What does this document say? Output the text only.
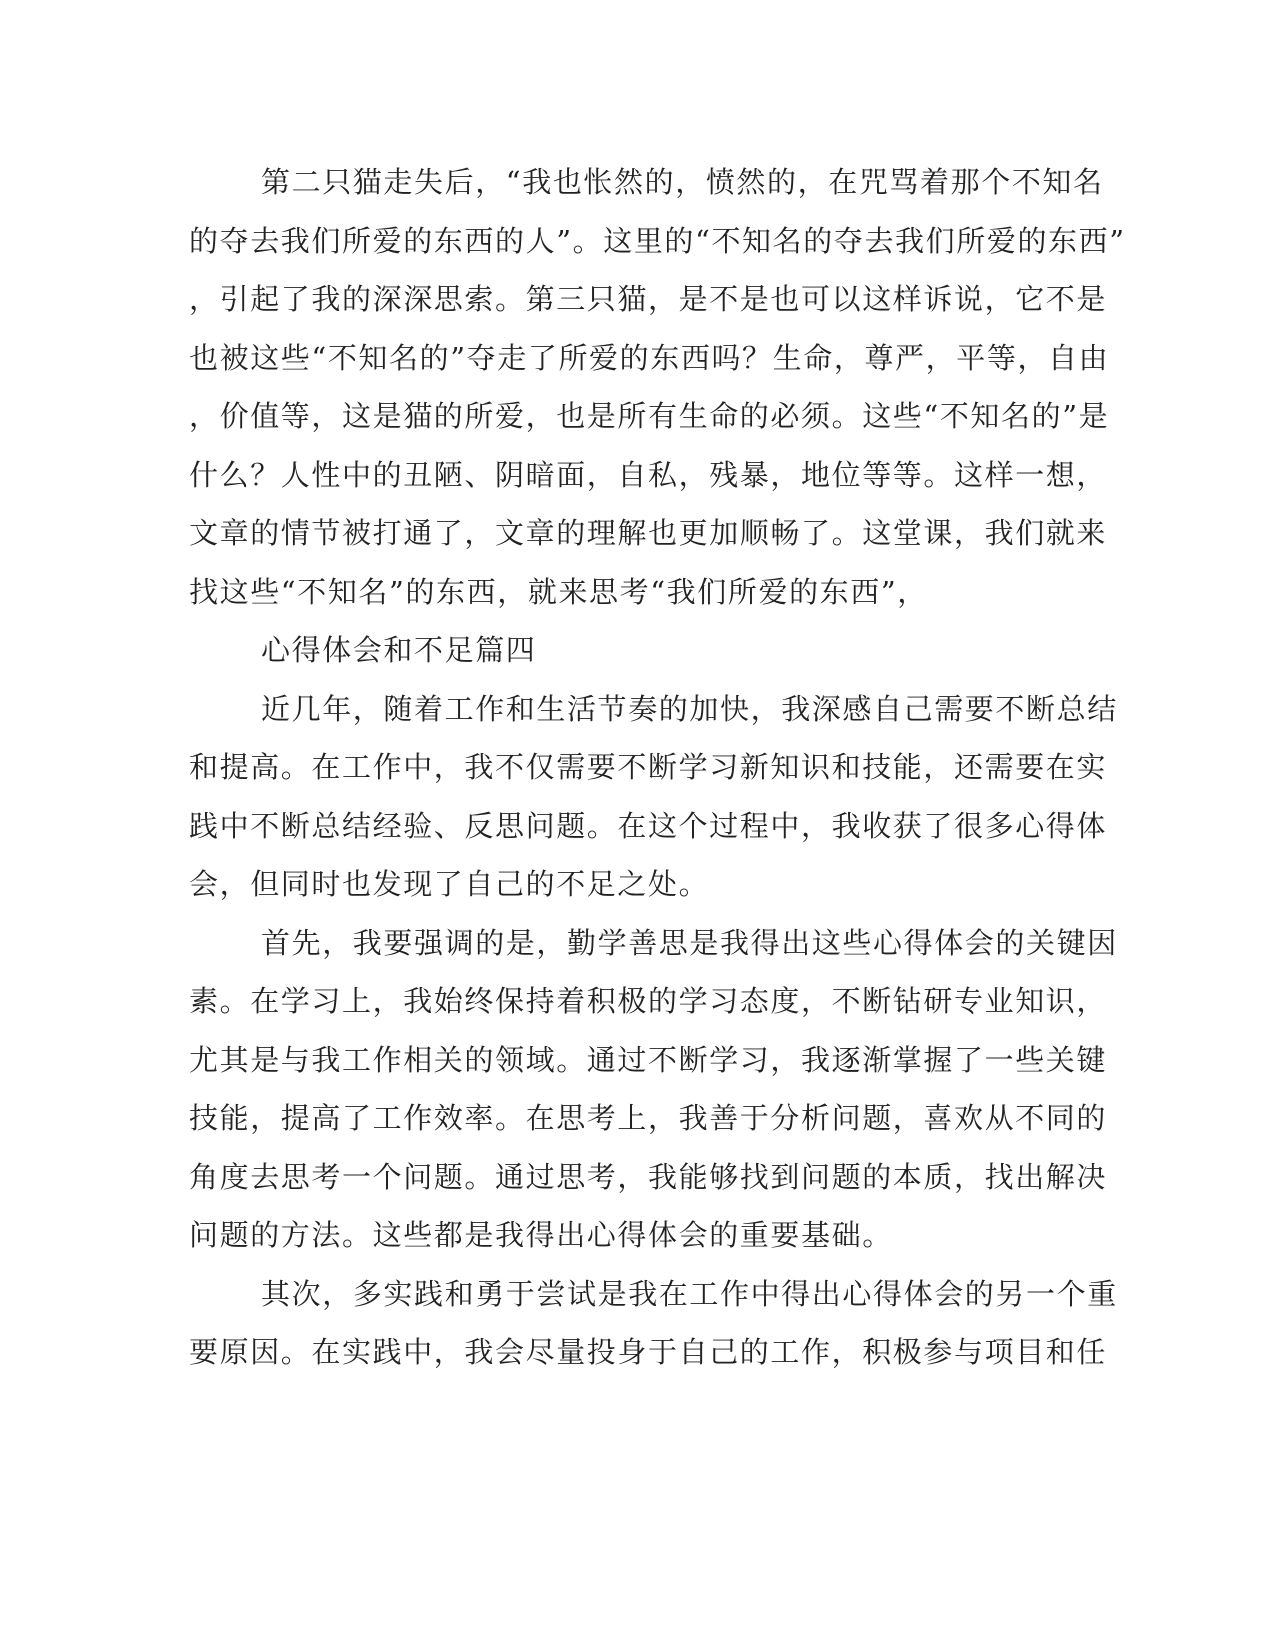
第二只猫走失后，“我也怅然的，愤然的，在咒骂着那个不知名
的夺去我们所爱的东西的人”。这里的“不知名的夺去我们所爱的东西”
，引起了我的深深思索。第三只猫，是不是也可以这样诉说，它不是
也被这些“不知名的”夺走了所爱的东西吗？生命，尊严，平等，自由
，价值等，这是猫的所爱，也是所有生命的必须。这些“不知名的”是
什么？人性中的丑陋、阴暗面，自私，残暴，地位等等。这样一想，
文章的情节被打通了，文章的理解也更加顺畅了。这堂课，我们就来
找这些“不知名”的东西，就来思考“我们所爱的东西”，
心得体会和不足篇四
近几年，随着工作和生活节奏的加快，我深感自己需要不断总结
和提高。在工作中，我不仅需要不断学习新知识和技能，还需要在实
践中不断总结经验、反思问题。在这个过程中，我收获了很多心得体
会，但同时也发现了自己的不足之处。
首先，我要强调的是，勤学善思是我得出这些心得体会的关键因
素。在学习上，我始终保持着积极的学习态度，不断钻研专业知识，
尤其是与我工作相关的领域。通过不断学习，我逐渐掌握了一些关键
技能，提高了工作效率。在思考上，我善于分析问题，喜欢从不同的
角度去思考一个问题。通过思考，我能够找到问题的本质，找出解决
问题的方法。这些都是我得出心得体会的重要基础。
其次，多实践和勇于尝试是我在工作中得出心得体会的另一个重
要原因。在实践中，我会尽量投身于自己的工作，积极参与项目和任
